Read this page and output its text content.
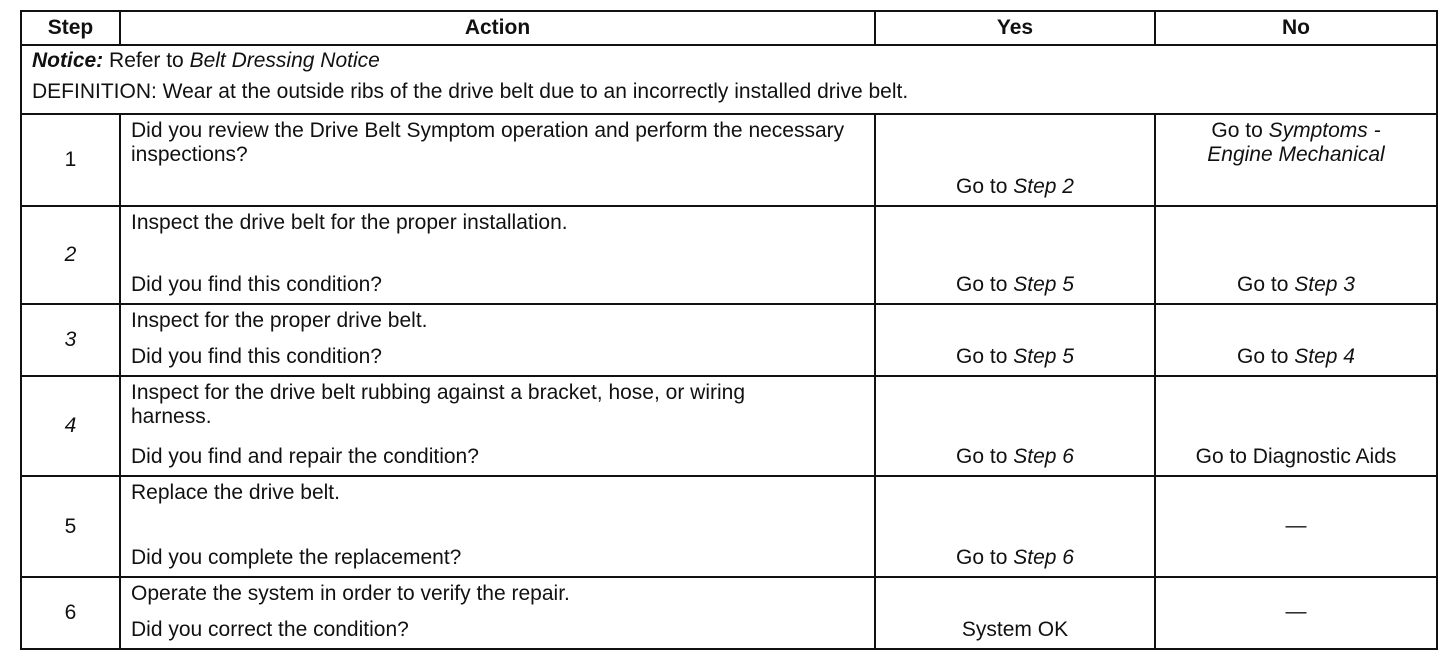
Step	Action	Yes	No
Notice: Refer to Belt Dressing Notice			
DEFINITION: Wear at the outside ribs of the drive belt due to an incorrectly installed drive belt.			
1	Did you review the Drive Belt Symptom operation and perform the necessary inspections?	Go to Step 2	Go to Symptoms -
Engine Mechanical

2	Inspect the drive belt for the proper installation.
Did you find this condition?	Go to Step 5	Go to Step 3

3	Inspect for the proper drive belt.
Did you find this condition?	Go to Step 5	Go to Step 4

4	Inspect for the drive belt rubbing against a bracket, hose, or wiring harness.
Did you find and repair the condition?	Go to Step 6	Go to Diagnostic Aids

5	Replace the drive belt.
Did you complete the replacement?	Go to Step 6	—

6	Operate the system in order to verify the repair.
Did you correct the condition?	System OK	—
